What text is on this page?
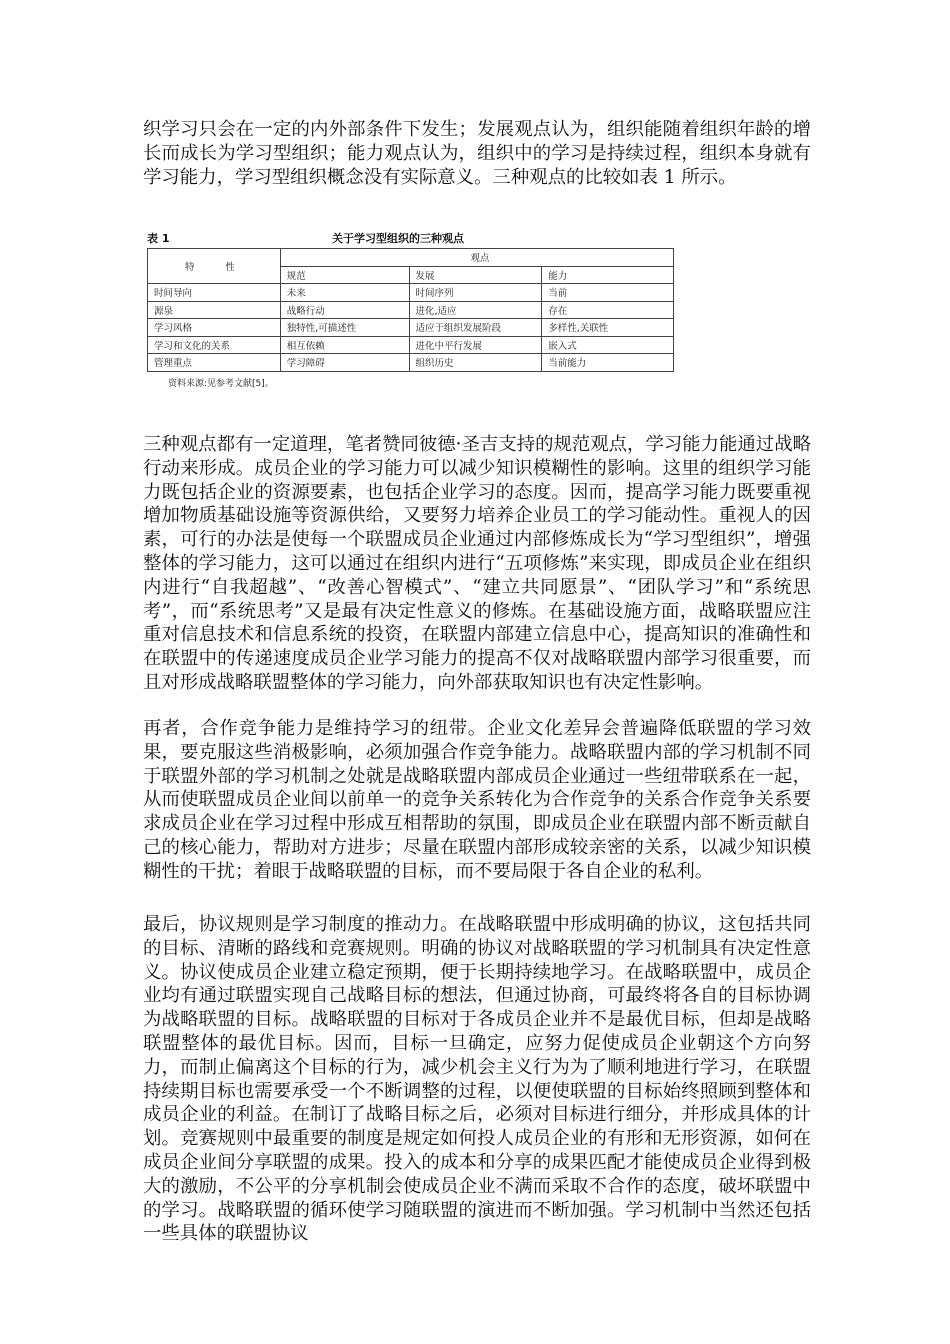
织学习只会在一定的内外部条件下发生；发展观点认为，组织能随着组织年龄的增长而成长为学习型组织；能力观点认为，组织中的学习是持续过程，组织本身就有学习能力，学习型组织概念没有实际意义。三种观点的比较如表 1 所示。

表 1	关于学习型组织的三种观点
特 性	观点		
	规范	发展	能力
时间导向	未来	时间序列	当前
源泉	战略行动	进化,适应	存在
学习风格	独特性,可描述性	适应于组织发展阶段	多样性,关联性
学习和文化的关系	相互依赖	进化中平行发展	嵌入式
管理重点	学习障碍	组织历史	当前能力
资料来源:见参考文献[5]。

三种观点都有一定道理，笔者赞同彼德·圣吉支持的规范观点，学习能力能通过战略行动来形成。成员企业的学习能力可以减少知识模糊性的影响。这里的组织学习能力既包括企业的资源要素，也包括企业学习的态度。因而，提高学习能力既要重视增加物质基础设施等资源供给，又要努力培养企业员工的学习能动性。重视人的因素，可行的办法是使每一个联盟成员企业通过内部修炼成长为“学习型组织”，增强整体的学习能力，这可以通过在组织内进行“五项修炼”来实现，即成员企业在组织内进行“自我超越”、“改善心智模式”、“建立共同愿景”、“团队学习”和“系统思考”，而“系统思考”又是最有决定性意义的修炼。在基础设施方面，战略联盟应注重对信息技术和信息系统的投资，在联盟内部建立信息中心，提高知识的准确性和在联盟中的传递速度成员企业学习能力的提高不仅对战略联盟内部学习很重要，而且对形成战略联盟整体的学习能力，向外部获取知识也有决定性影响。

再者，合作竞争能力是维持学习的纽带。企业文化差异会普遍降低联盟的学习效果，要克服这些消极影响，必须加强合作竞争能力。战略联盟内部的学习机制不同于联盟外部的学习机制之处就是战略联盟内部成员企业通过一些纽带联系在一起，从而使联盟成员企业间以前单一的竞争关系转化为合作竞争的关系合作竞争关系要求成员企业在学习过程中形成互相帮助的氛围，即成员企业在联盟内部不断贡献自己的核心能力，帮助对方进步；尽量在联盟内部形成较亲密的关系，以减少知识模糊性的干扰；着眼于战略联盟的目标，而不要局限于各自企业的私利。

最后，协议规则是学习制度的推动力。在战略联盟中形成明确的协议，这包括共同的目标、清晰的路线和竞赛规则。明确的协议对战略联盟的学习机制具有决定性意义。协议使成员企业建立稳定预期，便于长期持续地学习。在战略联盟中，成员企业均有通过联盟实现自己战略目标的想法，但通过协商，可最终将各自的目标协调为战略联盟的目标。战略联盟的目标对于各成员企业并不是最优目标，但却是战略联盟整体的最优目标。因而，目标一旦确定，应努力促使成员企业朝这个方向努力，而制止偏离这个目标的行为，减少机会主义行为为了顺利地进行学习，在联盟持续期目标也需要承受一个不断调整的过程，以便使联盟的目标始终照顾到整体和成员企业的利益。在制订了战略目标之后，必须对目标进行细分，并形成具体的计划。竞赛规则中最重要的制度是规定如何投人成员企业的有形和无形资源，如何在成员企业间分享联盟的成果。投入的成本和分享的成果匹配才能使成员企业得到极大的激励，不公平的分享机制会使成员企业不满而采取不合作的态度，破坏联盟中的学习。战略联盟的循环使学习随联盟的演进而不断加强。学习机制中当然还包括一些具体的联盟协议
